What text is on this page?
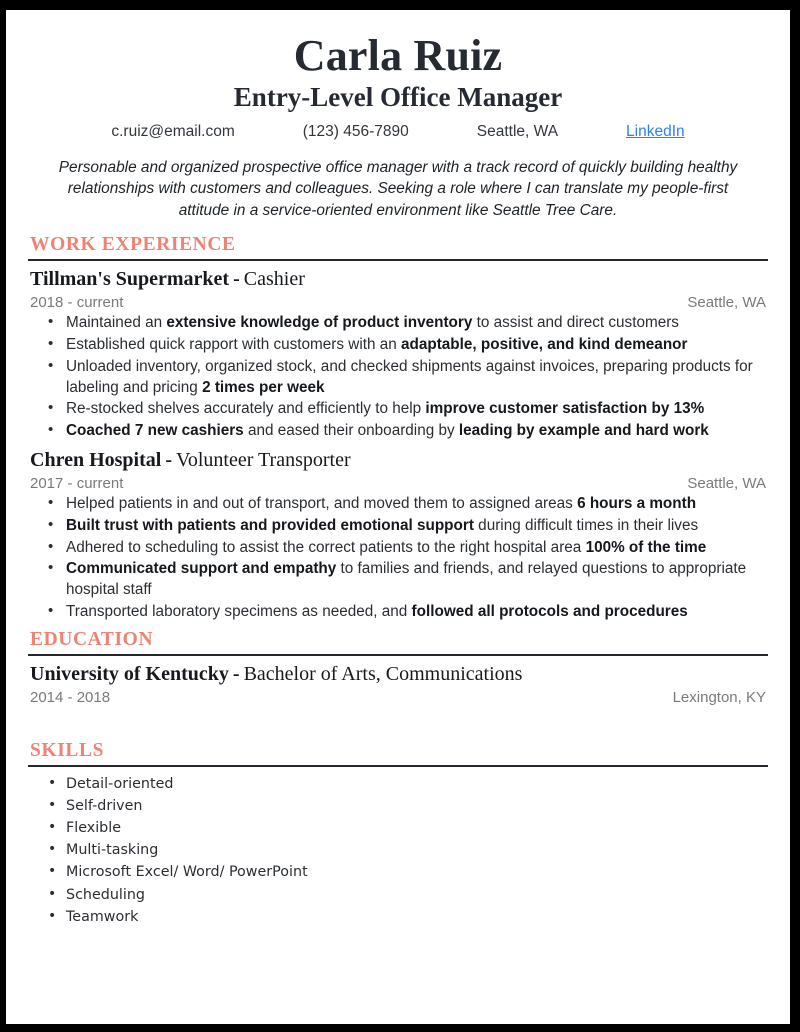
Carla Ruiz
Entry-Level Office Manager
c.ruiz@email.com	(123) 456-7890	Seattle, WA	LinkedIn

Personable and organized prospective office manager with a track record of quickly building healthy relationships with customers and colleagues. Seeking a role where I can translate my people-first attitude in a service-oriented environment like Seattle Tree Care.

WORK EXPERIENCE
Tillman's Supermarket - Cashier
2018 - current	Seattle, WA
• Maintained an extensive knowledge of product inventory to assist and direct customers
• Established quick rapport with customers with an adaptable, positive, and kind demeanor
• Unloaded inventory, organized stock, and checked shipments against invoices, preparing products for labeling and pricing 2 times per week
• Re-stocked shelves accurately and efficiently to help improve customer satisfaction by 13%
• Coached 7 new cashiers and eased their onboarding by leading by example and hard work
Chren Hospital - Volunteer Transporter
2017 - current	Seattle, WA
• Helped patients in and out of transport, and moved them to assigned areas 6 hours a month
• Built trust with patients and provided emotional support during difficult times in their lives
• Adhered to scheduling to assist the correct patients to the right hospital area 100% of the time
• Communicated support and empathy to families and friends, and relayed questions to appropriate hospital staff
• Transported laboratory specimens as needed, and followed all protocols and procedures
EDUCATION
University of Kentucky - Bachelor of Arts, Communications
2014 - 2018	Lexington, KY
SKILLS
• Detail-oriented
• Self-driven
• Flexible
• Multi-tasking
• Microsoft Excel/ Word/ PowerPoint
• Scheduling
• Teamwork
